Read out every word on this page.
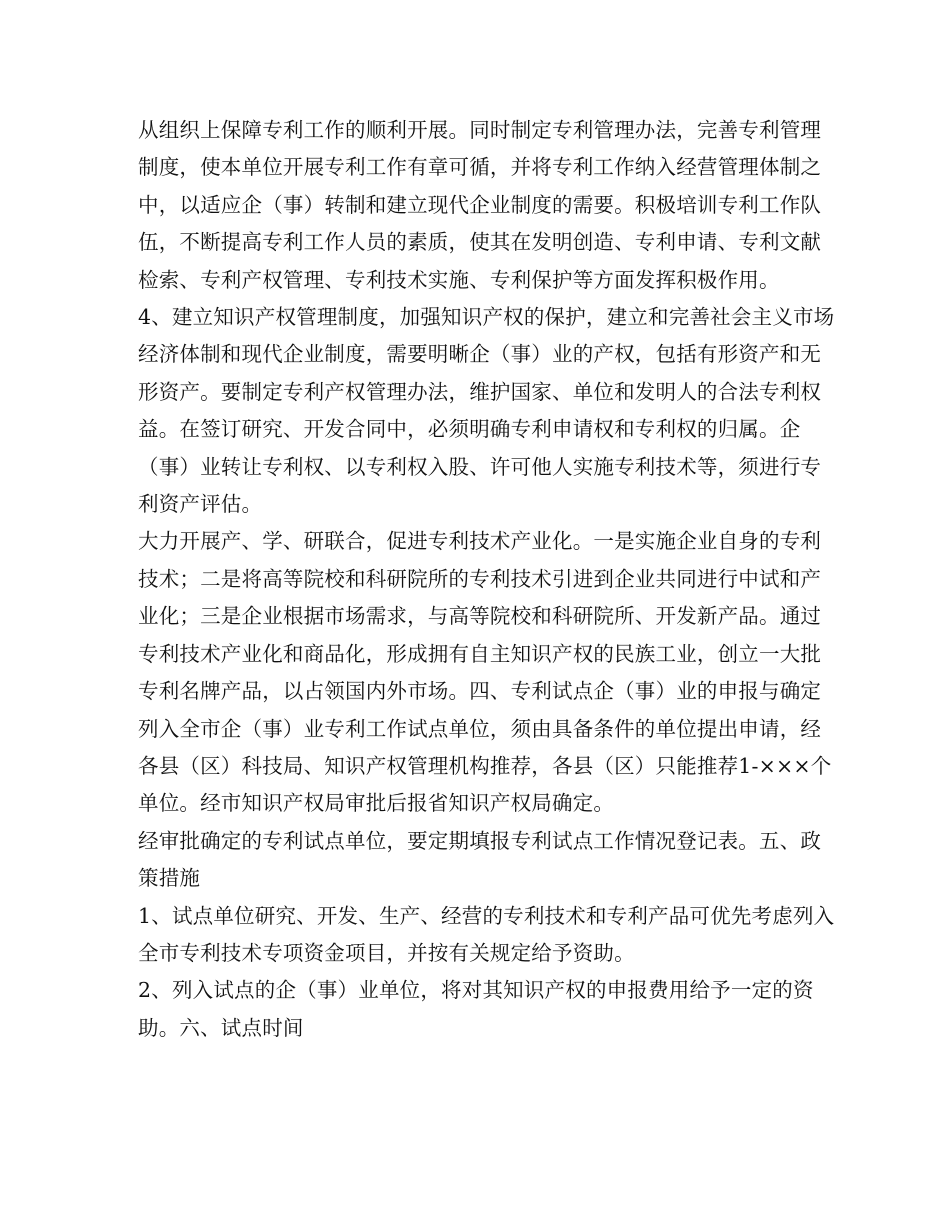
从组织上保障专利工作的顺利开展。同时制定专利管理办法，完善专利管理制度，使本单位开展专利工作有章可循，并将专利工作纳入经营管理体制之中，以适应企（事）转制和建立现代企业制度的需要。积极培训专利工作队伍，不断提高专利工作人员的素质，使其在发明创造、专利申请、专利文献检索、专利产权管理、专利技术实施、专利保护等方面发挥积极作用。

4、建立知识产权管理制度，加强知识产权的保护，建立和完善社会主义市场经济体制和现代企业制度，需要明晰企（事）业的产权，包括有形资产和无形资产。要制定专利产权管理办法，维护国家、单位和发明人的合法专利权益。在签订研究、开发合同中，必须明确专利申请权和专利权的归属。企（事）业转让专利权、以专利权入股、许可他人实施专利技术等，须进行专利资产评估。

大力开展产、学、研联合，促进专利技术产业化。一是实施企业自身的专利技术；二是将高等院校和科研院所的专利技术引进到企业共同进行中试和产业化；三是企业根据市场需求，与高等院校和科研院所、开发新产品。通过专利技术产业化和商品化，形成拥有自主知识产权的民族工业，创立一大批专利名牌产品，以占领国内外市场。四、专利试点企（事）业的申报与确定

列入全市企（事）业专利工作试点单位，须由具备条件的单位提出申请，经各县（区）科技局、知识产权管理机构推荐，各县（区）只能推荐1-×××个单位。经市知识产权局审批后报省知识产权局确定。

经审批确定的专利试点单位，要定期填报专利试点工作情况登记表。五、政策措施

1、试点单位研究、开发、生产、经营的专利技术和专利产品可优先考虑列入全市专利技术专项资金项目，并按有关规定给予资助。

2、列入试点的企（事）业单位，将对其知识产权的申报费用给予一定的资助。六、试点时间
